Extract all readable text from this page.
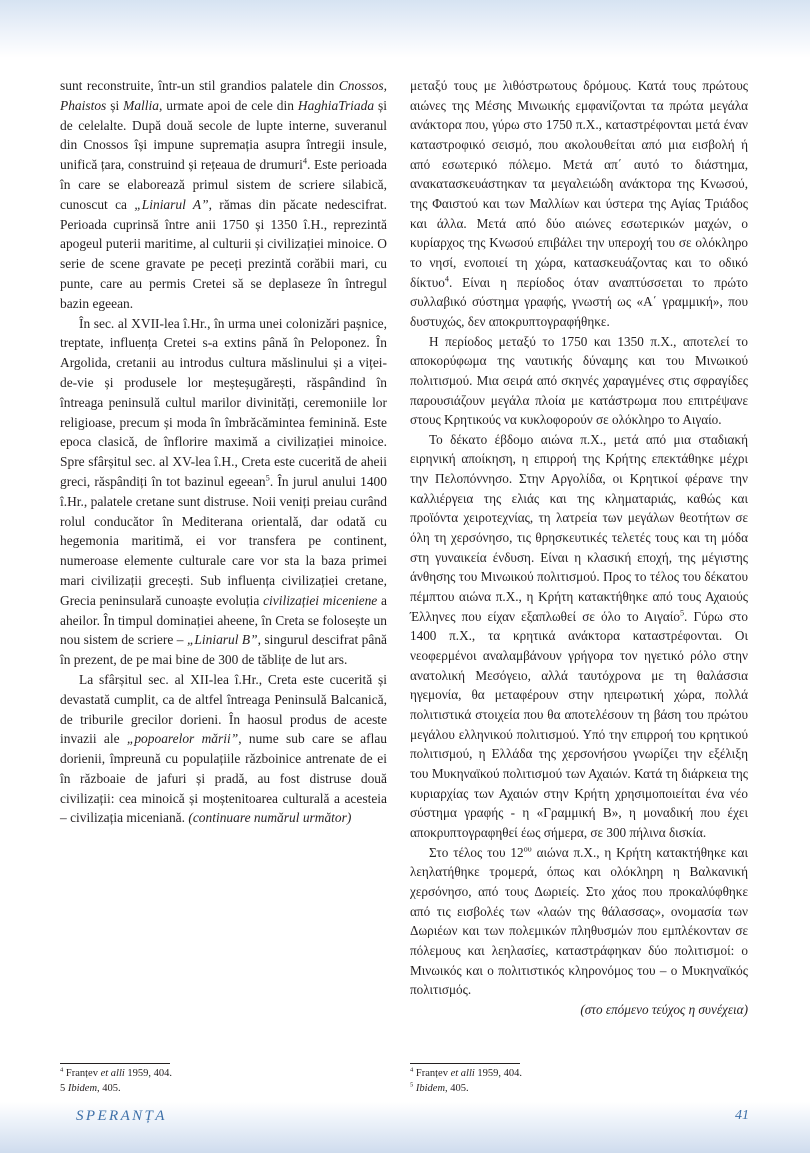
sunt reconstruite, într-un stil grandios palatele din Cnossos, Phaistos și Mallia, urmate apoi de cele din HaghiaTriada și de celelalte. După două secole de lupte interne, suveranul din Cnossos își impune supremația asupra întregii insule, unifică țara, construind și rețeaua de drumuri$^4$. Este perioada în care se elaborează primul sistem de scriere silabică, cunoscut ca „Liniarul A”, rămas din păcate nedescifrat. Perioada cuprinsă între anii 1750 și 1350 î.H., reprezintă apogeul puterii maritime, al culturii și civilizației minoice. O serie de scene gravate pe peceți prezintă corăbii mari, cu punte, care au permis Cretei să se deplaseze în întregul bazin egeean.

În sec. al XVII-lea î.Hr., în urma unei colonizări pașnice, treptate, influența Cretei s-a extins până în Peloponez. În Argolida, cretanii au introdus cultura măslinului și a viței-de-vie și produsele lor meșteșugărești, răspândind în întreaga peninsulă cultul marilor divinități, ceremoniile lor religioase, precum și moda în îmbrăcămintea feminină. Este epoca clasică, de înflorire maximă a civilizației minoice. Spre sfârșitul sec. al XV-lea î.H., Creta este cucerită de aheii greci, răspândiți în tot bazinul egeean$^5$. În jurul anului 1400 î.Hr., palatele cretane sunt distruse. Noii veniți preiau curând rolul conducător în Mediterana orientală, dar odată cu hegemonia maritimă, ei vor transfera pe continent, numeroase elemente culturale care vor sta la baza primei mari civilizații grecești. Sub influența civilizației cretane, Grecia peninsulară cunoaște evoluția civilizației miceniene a aheilor. În timpul dominației aheene, în Creta se folosește un nou sistem de scriere – „Liniarul B”, singurul descifrat până în prezent, de pe mai bine de 300 de tăblițe de lut ars.

La sfârșitul sec. al XII-lea î.Hr., Creta este cucerită și devastată cumplit, ca de altfel întreaga Peninsulă Balcanică, de triburile grecilor dorieni. În haosul produs de aceste invazii ale „popoarelor mării”, nume sub care se aflau dorienii, împreună cu populațiile războinice antrenate de ei în războaie de jafuri și pradă, au fost distruse două civilizații: cea minoică și moștenitoarea culturală a acesteia – civilizația miceniană. (continuare numărul următor)

μεταξύ τους με λιθόστρωτους δρόμους. Κατά τους πρώτους αιώνες της Μέσης Μινωικής εμφανίζονται τα πρώτα μεγάλα ανάκτορα που, γύρω στο 1750 π.Χ., καταστρέφονται μετά έναν καταστροφικό σεισμό, που ακολουθείται από μια εισβολή ή από εσωτερικό πόλεμο. Μετά απ΄ αυτό το διάστημα, ανακατασκευάστηκαν τα μεγαλειώδη ανάκτορα της Κνωσού, της Φαιστού και των Μαλλίων και ύστερα της Αγίας Τριάδος και άλλα. Μετά από δύο αιώνες εσωτερικών μαχών, ο κυρίαρχος της Κνωσού επιβάλει την υπεροχή του σε ολόκληρο το νησί, ενοποιεί τη χώρα, κατασκευάζοντας και το οδικό δίκτυο$^4$. Είναι η περίοδος όταν αναπτύσσεται το πρώτο συλλαβικό σύστημα γραφής, γνωστή ως «Α΄ γραμμική», που δυστυχώς, δεν αποκρυπτογραφήθηκε.

Η περίοδος μεταξύ το 1750 και 1350 π.Χ., αποτελεί το αποκορύφωμα της ναυτικής δύναμης και του Μινωικού πολιτισμού. Μια σειρά από σκηνές χαραγμένες στις σφραγίδες παρουσιάζουν μεγάλα πλοία με κατάστρωμα που επιτρέψανε στους Κρητικούς να κυκλοφορούν σε ολόκληρο το Αιγαίο.

Το δέκατο έβδομο αιώνα π.Χ., μετά από μια σταδιακή ειρηνική αποίκηση, η επιρροή της Κρήτης επεκτάθηκε μέχρι την Πελοπόννησο. Στην Αργολίδα, οι Κρητικοί φέρανε την καλλιέργεια της ελιάς και της κληματαριάς, καθώς και προϊόντα χειροτεχνίας, τη λατρεία των μεγάλων θεοτήτων σε όλη τη χερσόνησο, τις θρησκευτικές τελετές τους και τη μόδα στη γυναικεία ένδυση. Είναι η κλασική εποχή, της μέγιστης άνθησης του Μινωικού πολιτισμού. Προς το τέλος του δέκατου πέμπτου αιώνα π.Χ., η Κρήτη κατακτήθηκε από τους Αχαιούς Έλληνες που είχαν εξαπλωθεί σε όλο το Αιγαίο$^5$. Γύρω στο 1400 π.Χ., τα κρητικά ανάκτορα καταστρέφονται. Οι νεοφερμένοι αναλαμβάνουν γρήγορα τον ηγετικό ρόλο στην ανατολική Μεσόγειο, αλλά ταυτόχρονα με τη θαλάσσια ηγεμονία, θα μεταφέρουν στην ηπειρωτική χώρα, πολλά πολιτιστικά στοιχεία που θα αποτελέσουν τη βάση του πρώτου μεγάλου ελληνικού πολιτισμού. Υπό την επιρροή του κρητικού πολιτισμού, η Ελλάδα της χερσονήσου γνωρίζει την εξέλιξη του Μυκηναϊκού πολιτισμού των Αχαιών. Κατά τη διάρκεια της κυριαρχίας των Αχαιών στην Κρήτη χρησιμοποιείται ένα νέο σύστημα γραφής - η «Γραμμική Β», η μοναδική που έχει αποκρυπτογραφηθεί έως σήμερα, σε 300 πήλινα δισκία.

Στο τέλος του $12^{o\upsilon}$ αιώνα π.Χ., η Κρήτη κατακτήθηκε και λεηλατήθηκε τρομερά, όπως και ολόκληρη η Βαλκανική χερσόνησο, από τους Δωριείς. Στο χάος που προκαλύφθηκε από τις εισβολές των «λαών της θάλασσας», ονομασία των Δωριέων και των πολεμικών πληθυσμών που εμπλέκονταν σε πόλεμους και λεηλασίες, καταστράφηκαν δύο πολιτισμοί: ο Μινωικός και ο πολιτιστικός κληρονόμος του – ο Μυκηναϊκός πολιτισμός.
(στο επόμενο τεύχος η συνέχεια)

$^4$ Franțev et alli 1959, 404.
5 Ibidem, 405.
$^4$ Franțev et alli 1959, 404.
$^5$ Ibidem, 405.
SPERANȚA	41
